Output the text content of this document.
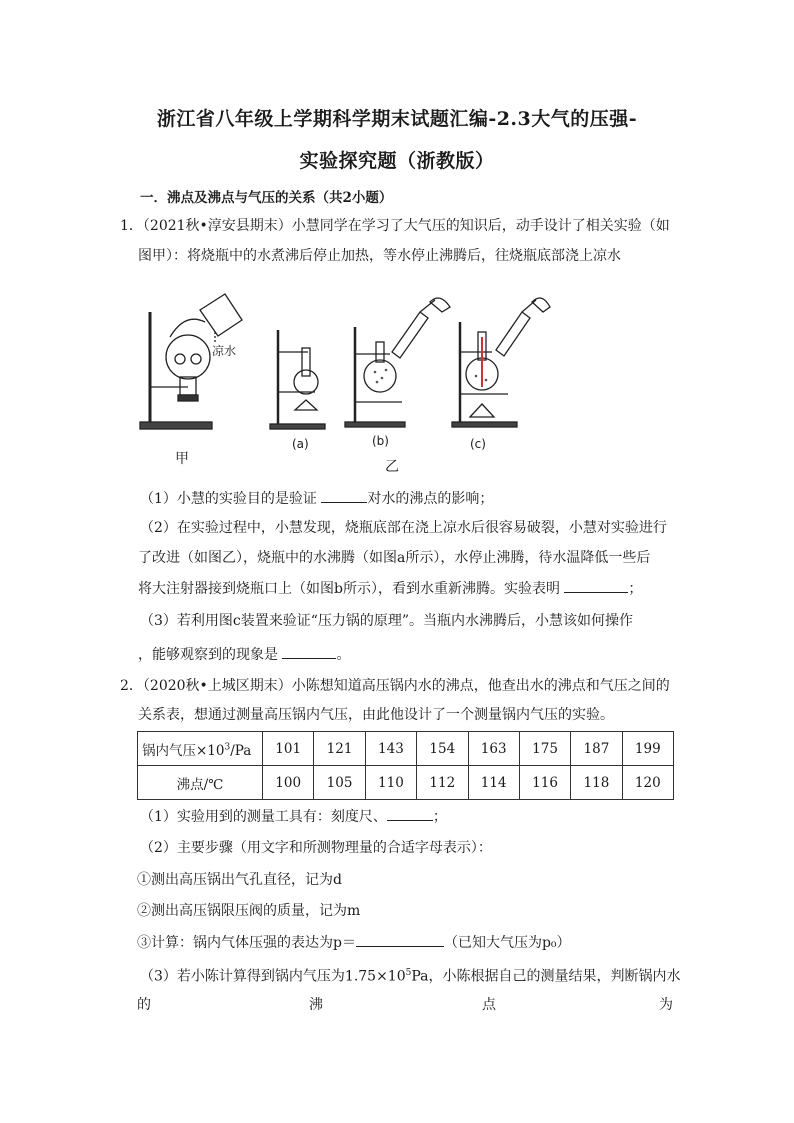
浙江省八年级上学期科学期末试题汇编-2.3大气的压强-
实验探究题（浙教版）
一．沸点及沸点与气压的关系（共2小题）
1．（2021秋•淳安县期末）小慧同学在学习了大气压的知识后，动手设计了相关实验（如
图甲）：将烧瓶中的水煮沸后停止加热，等水停止沸腾后，往烧瓶底部浇上凉水
凉水
甲
(a)	(b)	(c)
乙
（1）小慧的实验目的是验证	对水的沸点的影响；
（2）在实验过程中，小慧发现，烧瓶底部在浇上凉水后很容易破裂，小慧对实验进行
了改进（如图乙），烧瓶中的水沸腾（如图a所示），水停止沸腾，待水温降低一些后
将大注射器接到烧瓶口上（如图b所示），看到水重新沸腾。实验表明	；
（3）若利用图c装置来验证“压力锅的原理”。当瓶内水沸腾后，小慧该如何操作
，能够观察到的现象是	。
2．（2020秋•上城区期末）小陈想知道高压锅内水的沸点，他查出水的沸点和气压之间的
关系表，想通过测量高压锅内气压，由此他设计了一个测量锅内气压的实验。
锅内气压$\times 10^3/Pa$	101	121	143	154	163	175	187	199
沸点/℃	100	105	110	112	114	116	118	120
（1）实验用到的测量工具有：刻度尺、	；
（2）主要步骤（用文字和所测物理量的合适字母表示）：
①测出高压锅出气孔直径，记为d
②测出高压锅限压阀的质量，记为m
③计算：锅内气体压强的表达为p＝	（已知大气压为p₀）
（3）若小陈计算得到锅内气压为$1.75\times 10^5Pa$，小陈根据自己的测量结果，判断锅内水
的	沸	点	为
